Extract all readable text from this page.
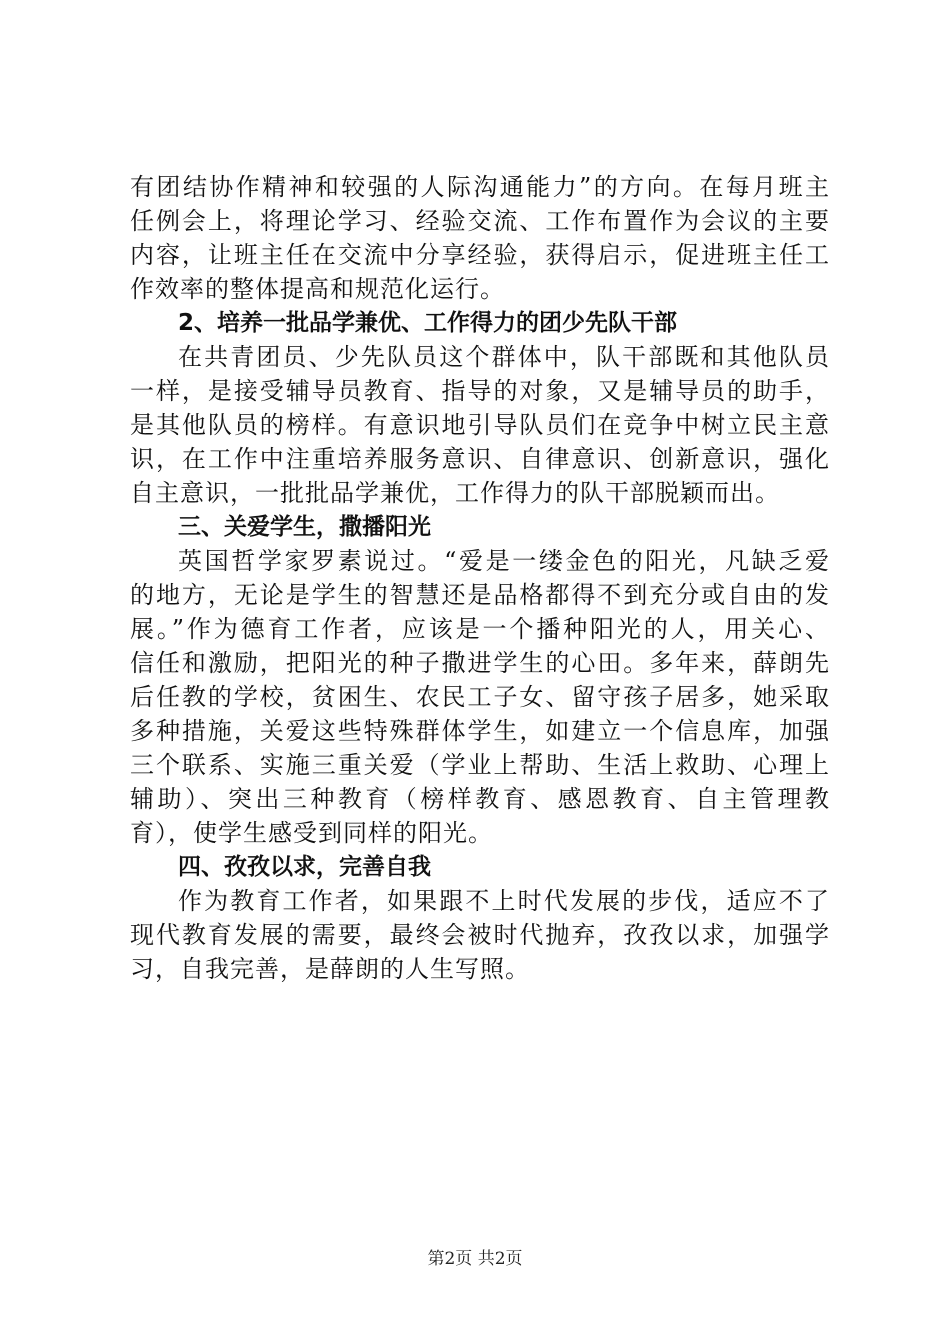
有团结协作精神和较强的人际沟通能力”的方向。在每月班主
任例会上，将理论学习、经验交流、工作布置作为会议的主要
内容，让班主任在交流中分享经验，获得启示，促进班主任工
作效率的整体提高和规范化运行。
2、培养一批品学兼优、工作得力的团少先队干部
在共青团员、少先队员这个群体中，队干部既和其他队员
一样，是接受辅导员教育、指导的对象，又是辅导员的助手，
是其他队员的榜样。有意识地引导队员们在竞争中树立民主意
识，在工作中注重培养服务意识、自律意识、创新意识，强化
自主意识，一批批品学兼优，工作得力的队干部脱颖而出。
三、关爱学生，撒播阳光
英国哲学家罗素说过。“爱是一缕金色的阳光，凡缺乏爱
的地方，无论是学生的智慧还是品格都得不到充分或自由的发
展。”作为德育工作者，应该是一个播种阳光的人，用关心、
信任和激励，把阳光的种子撒进学生的心田。多年来，薛朗先
后任教的学校，贫困生、农民工子女、留守孩子居多，她采取
多种措施，关爱这些特殊群体学生，如建立一个信息库，加强
三个联系、实施三重关爱（学业上帮助、生活上救助、心理上
辅助）、突出三种教育（榜样教育、感恩教育、自主管理教
育），使学生感受到同样的阳光。
四、孜孜以求，完善自我
作为教育工作者，如果跟不上时代发展的步伐，适应不了
现代教育发展的需要，最终会被时代抛弃，孜孜以求，加强学
习，自我完善，是薛朗的人生写照。
第2页 共2页
